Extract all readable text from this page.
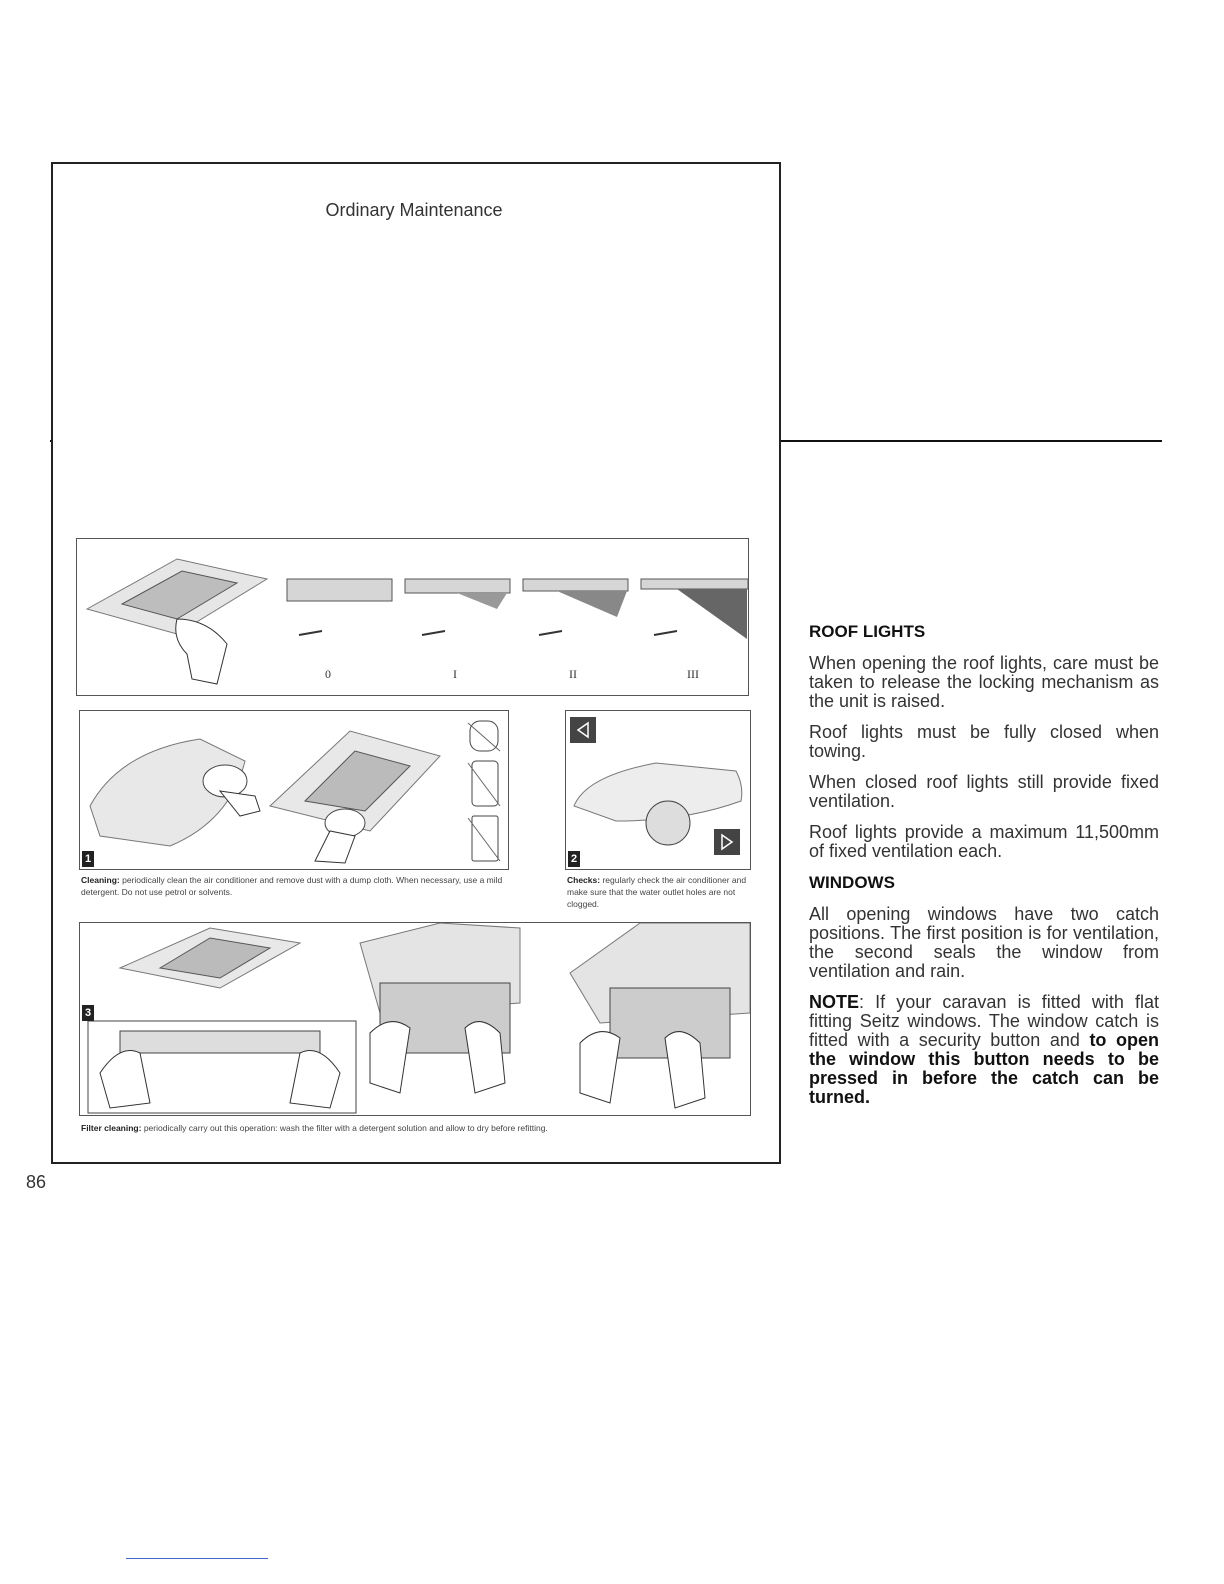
Ordinary Maintenance
1
Cleaning: periodically clean the air conditioner and remove dust with a dump cloth. When necessary, use a mild detergent. Do not use petrol or solvents.
2
Checks: regularly check the air conditioner and make sure that the water outlet holes are not clogged.
3
Filter cleaning: periodically carry out this operation: wash the filter with a detergent solution and allow to dry before refitting.
0	I	II	III
ROOF LIGHTS

When opening the roof lights, care must be taken to release the locking mechanism as the unit is raised.

Roof lights must be fully closed when towing.

When closed roof lights still provide fixed ventilation.

Roof lights provide a maximum 11,500mm of fixed ventilation each.

WINDOWS

All opening windows have two catch positions. The first position is for ventilation, the second seals the window from ventilation and rain.

NOTE: If your caravan is fitted with flat fitting Seitz windows. The window catch is fitted with a security button and to open the window this button needs to be pressed in before the catch can be turned.

86
